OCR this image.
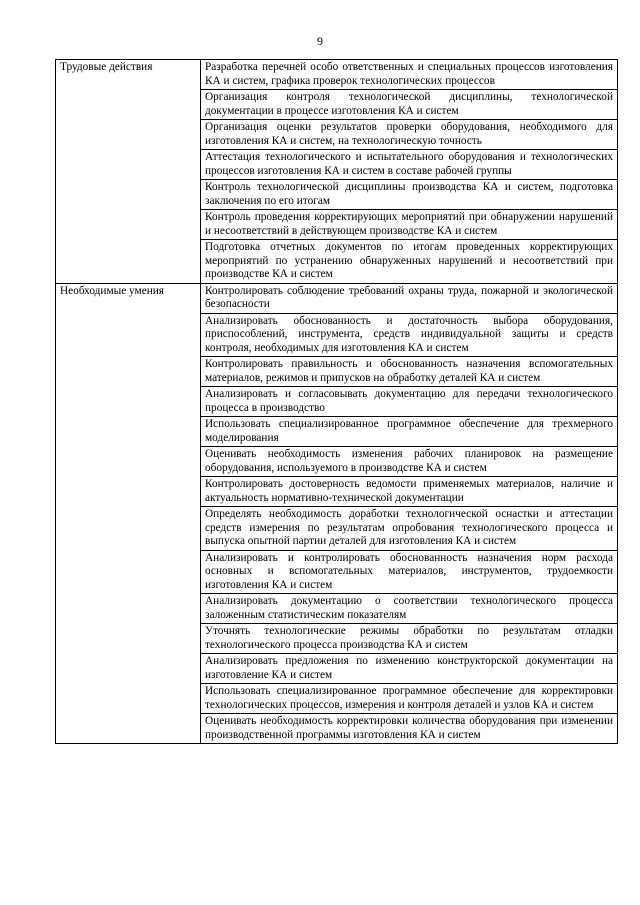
9
Трудовые действия	Разработка перечней особо ответственных и специальных процессов изготовления КА и систем, графика проверок технологических процессов
	Организация контроля технологической дисциплины, технологической документации в процессе изготовления КА и систем
	Организация оценки результатов проверки оборудования, необходимого для изготовления КА и систем, на технологическую точность
	Аттестация технологического и испытательного оборудования и технологических процессов изготовления КА и систем в составе рабочей группы
	Контроль технологической дисциплины производства КА и систем, подготовка заключения по его итогам
	Контроль проведения корректирующих мероприятий при обнаружении нарушений и несоответствий в действующем производстве КА и систем
	Подготовка отчетных документов по итогам проведенных корректирующих мероприятий по устранению обнаруженных нарушений и несоответствий при производстве КА и систем
Необходимые умения	Контролировать соблюдение требований охраны труда, пожарной и экологической безопасности
	Анализировать обоснованность и достаточность выбора оборудования, приспособлений, инструмента, средств индивидуальной защиты и средств контроля, необходимых для изготовления КА и систем
	Контролировать правильность и обоснованность назначения вспомогательных материалов, режимов и припусков на обработку деталей КА и систем
	Анализировать и согласовывать документацию для передачи технологического процесса в производство
	Использовать специализированное программное обеспечение для трехмерного моделирования
	Оценивать необходимость изменения рабочих планировок на размещение оборудования, используемого в производстве КА и систем
	Контролировать достоверность ведомости применяемых материалов, наличие и актуальность нормативно-технической документации
	Определять необходимость доработки технологической оснастки и аттестации средств измерения по результатам опробования технологического процесса и выпуска опытной партии деталей для изготовления КА и систем
	Анализировать и контролировать обоснованность назначения норм расхода основных и вспомогательных материалов, инструментов, трудоемкости изготовления КА и систем
	Анализировать документацию о соответствии технологического процесса заложенным статистическим показателям
	Уточнять технологические режимы обработки по результатам отладки технологического процесса производства КА и систем
	Анализировать предложения по изменению конструкторской документации на изготовление КА и систем
	Использовать специализированное программное обеспечение для корректировки технологических процессов, измерения и контроля деталей и узлов КА и систем
	Оценивать необходимость корректировки количества оборудования при изменении производственной программы изготовления КА и систем
